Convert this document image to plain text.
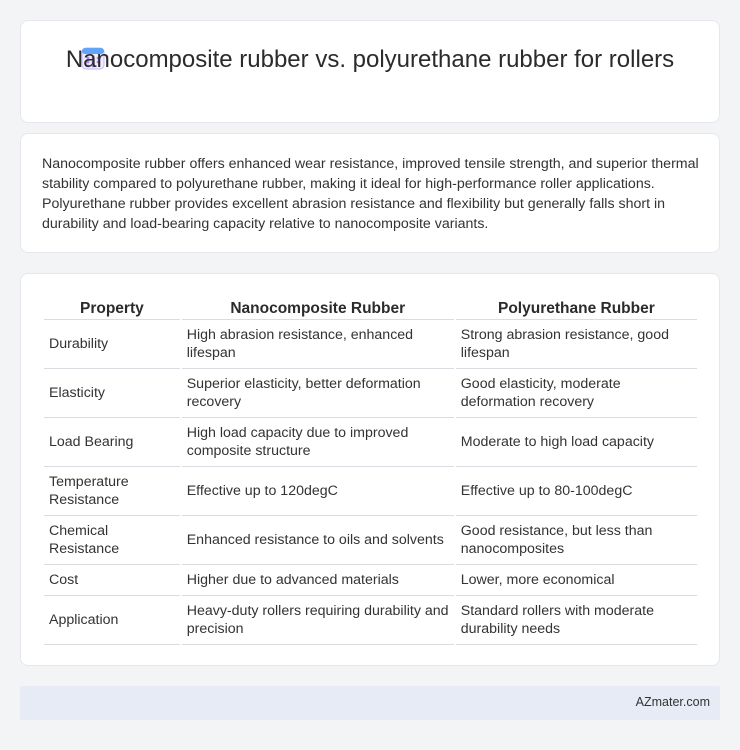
Nanocomposite rubber vs. polyurethane rubber for rollers

Nanocomposite rubber offers enhanced wear resistance, improved tensile strength, and superior thermal stability compared to polyurethane rubber, making it ideal for high-performance roller applications. Polyurethane rubber provides excellent abrasion resistance and flexibility but generally falls short in durability and load-bearing capacity relative to nanocomposite variants.

Property	Nanocomposite Rubber	Polyurethane Rubber
Durability	High abrasion resistance, enhanced lifespan	Strong abrasion resistance, good lifespan
Elasticity	Superior elasticity, better deformation recovery	Good elasticity, moderate deformation recovery
Load Bearing	High load capacity due to improved composite structure	Moderate to high load capacity
Temperature Resistance	Effective up to 120degC	Effective up to 80-100degC
Chemical Resistance	Enhanced resistance to oils and solvents	Good resistance, but less than nanocomposites
Cost	Higher due to advanced materials	Lower, more economical
Application	Heavy-duty rollers requiring durability and precision	Standard rollers with moderate durability needs
AZmater.com
